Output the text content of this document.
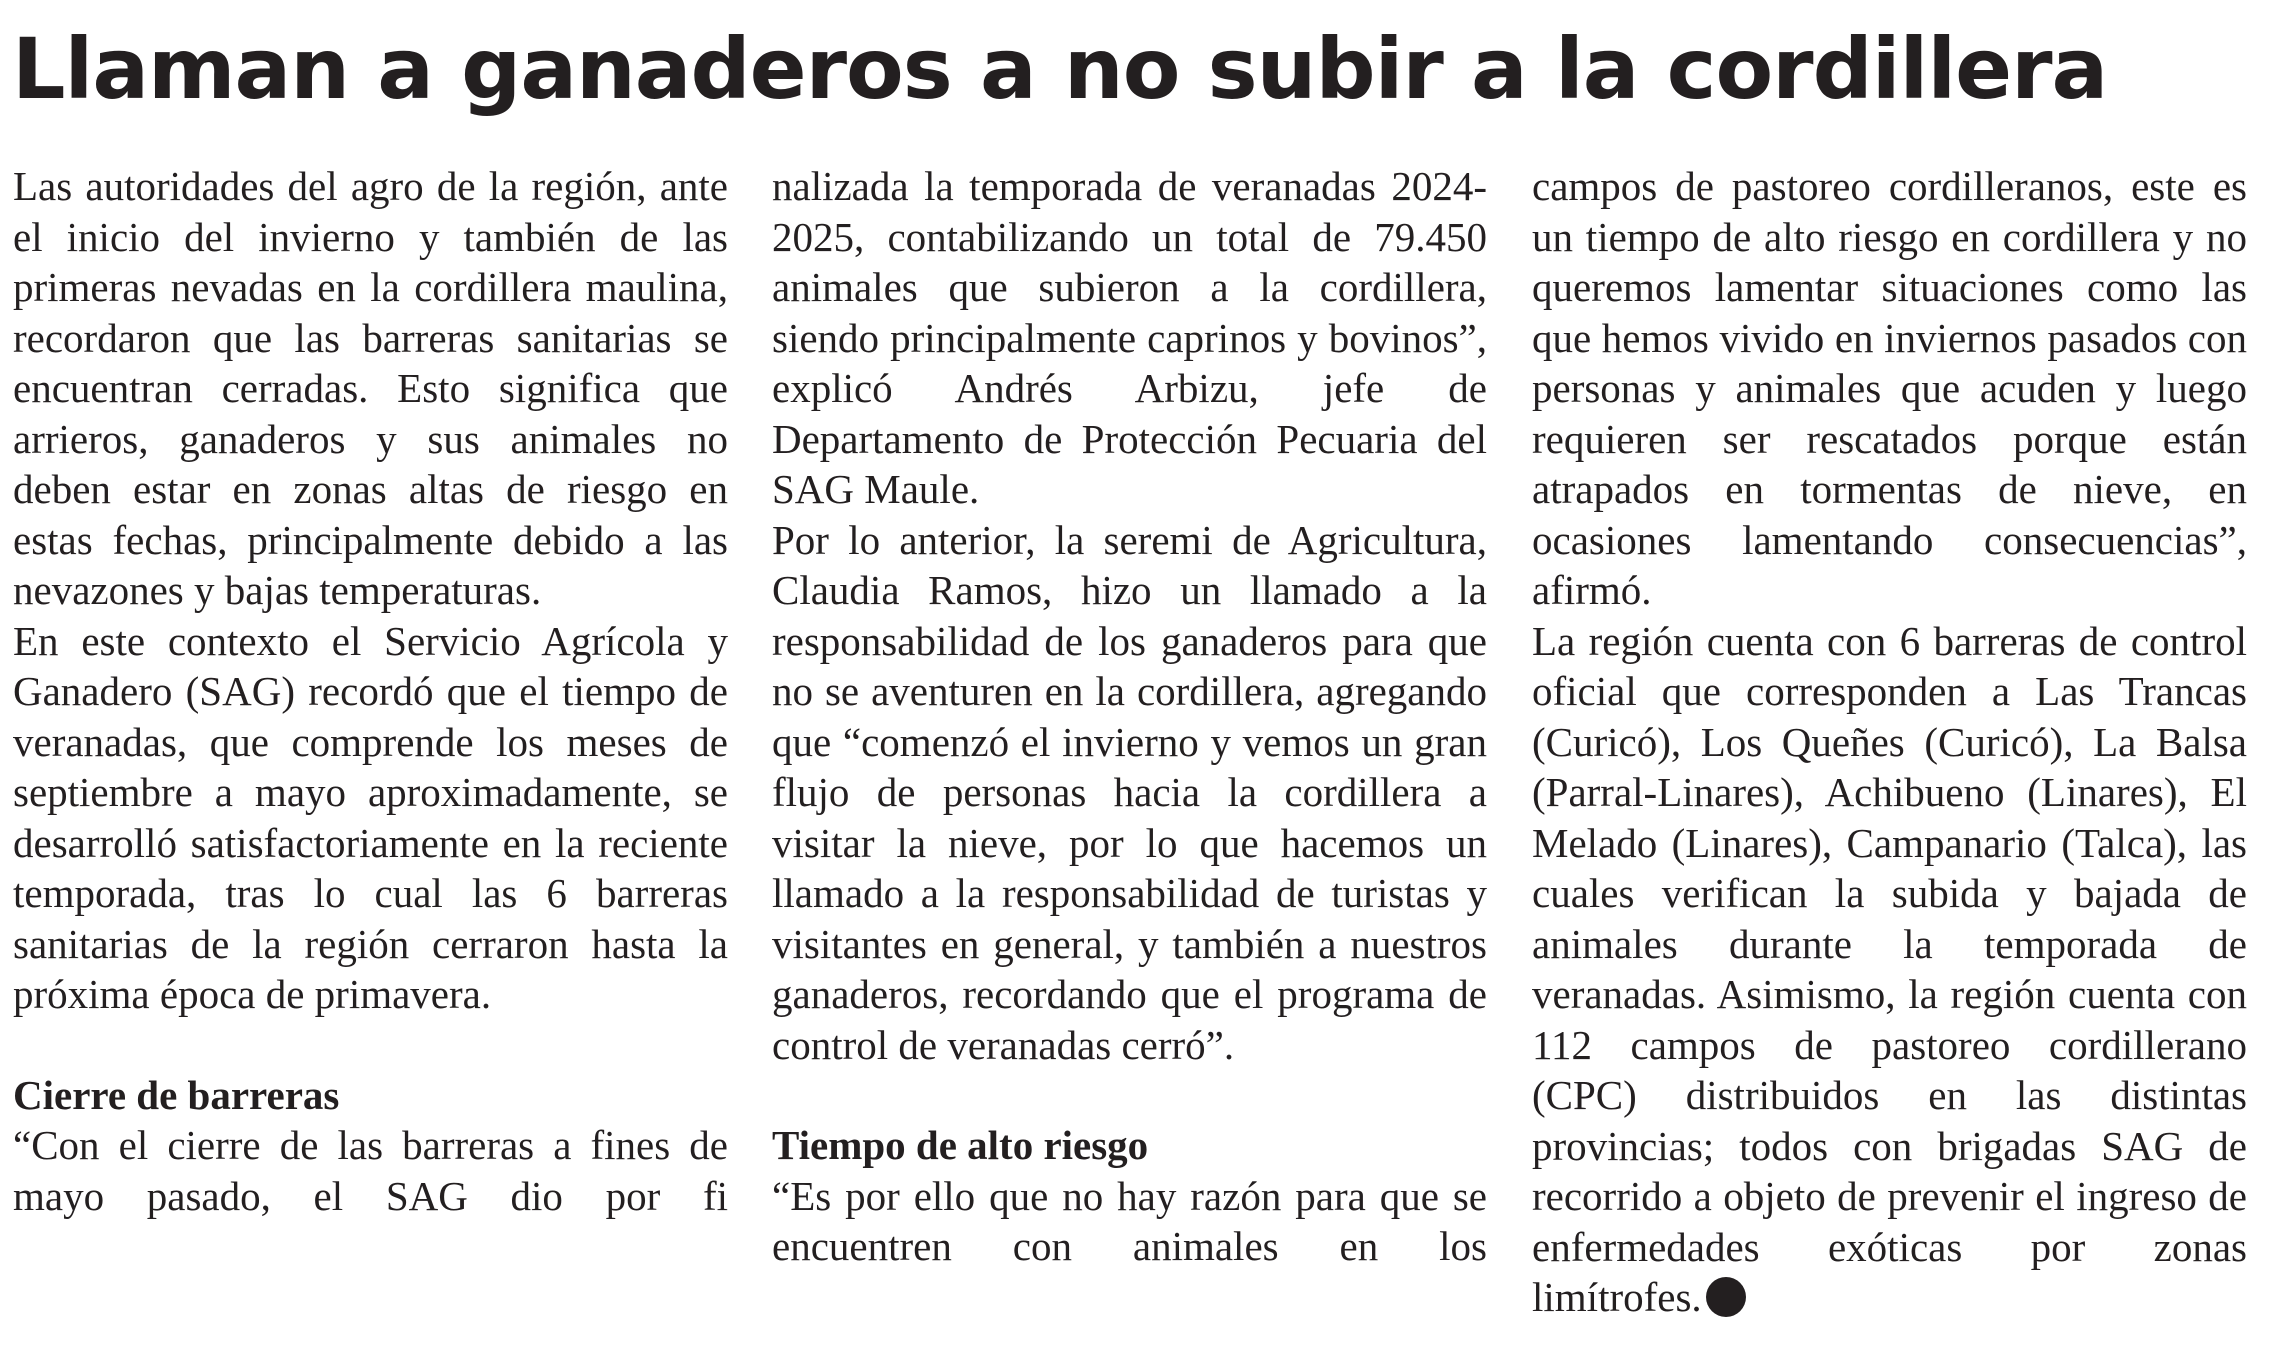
Llaman a ganaderos a no subir a la cordillera

Las autoridades del agro de la región, ante el inicio del invierno y también de las primeras nevadas en la cordillera maulina, recordaron que las barreras sanitarias se encuentran cerradas. Esto significa que arrieros, ganaderos y sus animales no deben estar en zonas altas de riesgo en estas fechas, principalmente debido a las nevazones y bajas temperaturas.

En este contexto el Servicio Agrícola y Ganadero (SAG) recordó que el tiempo de veranadas, que comprende los meses de septiembre a mayo aproximadamente, se desarrolló satisfactoriamente en la reciente temporada, tras lo cual las 6 barreras sanitarias de la región cerraron hasta la próxima época de primavera.

Cierre de barreras

“Con el cierre de las barreras a fines de mayo pasado, el SAG dio por fi

nalizada la temporada de veranadas 2024-2025, contabilizando un total de 79.450 animales que subieron a la cordillera, siendo principalmente caprinos y bovinos”, explicó Andrés Arbizu, jefe de Departamento de Protección Pecuaria del SAG Maule.

Por lo anterior, la seremi de Agricultura, Claudia Ramos, hizo un llamado a la responsabilidad de los ganaderos para que no se aventuren en la cordillera, agregando que “comenzó el invierno y vemos un gran flujo de personas hacia la cordillera a visitar la nieve, por lo que hacemos un llamado a la responsabilidad de turistas y visitantes en general, y también a nuestros ganaderos, recordando que el programa de control de veranadas cerró”.

Tiempo de alto riesgo

“Es por ello que no hay razón para que se encuentren con animales en los

campos de pastoreo cordilleranos, este es un tiempo de alto riesgo en cordillera y no queremos lamentar situaciones como las que hemos vivido en inviernos pasados con personas y animales que acuden y luego requieren ser rescatados porque están atrapados en tormentas de nieve, en ocasiones lamentando consecuencias”, afirmó.

La región cuenta con 6 barreras de control oficial que corresponden a Las Trancas (Curicó), Los Queñes (Curicó), La Balsa (Parral-Linares), Achibueno (Linares), El Melado (Linares), Campanario (Talca), las cuales verifican la subida y bajada de animales durante la temporada de veranadas. Asimismo, la región cuenta con 112 campos de pastoreo cordillerano (CPC) distribuidos en las distintas provincias; todos con brigadas SAG de recorrido a objeto de prevenir el ingreso de enfermedades exóticas por zonas limítrofes.
